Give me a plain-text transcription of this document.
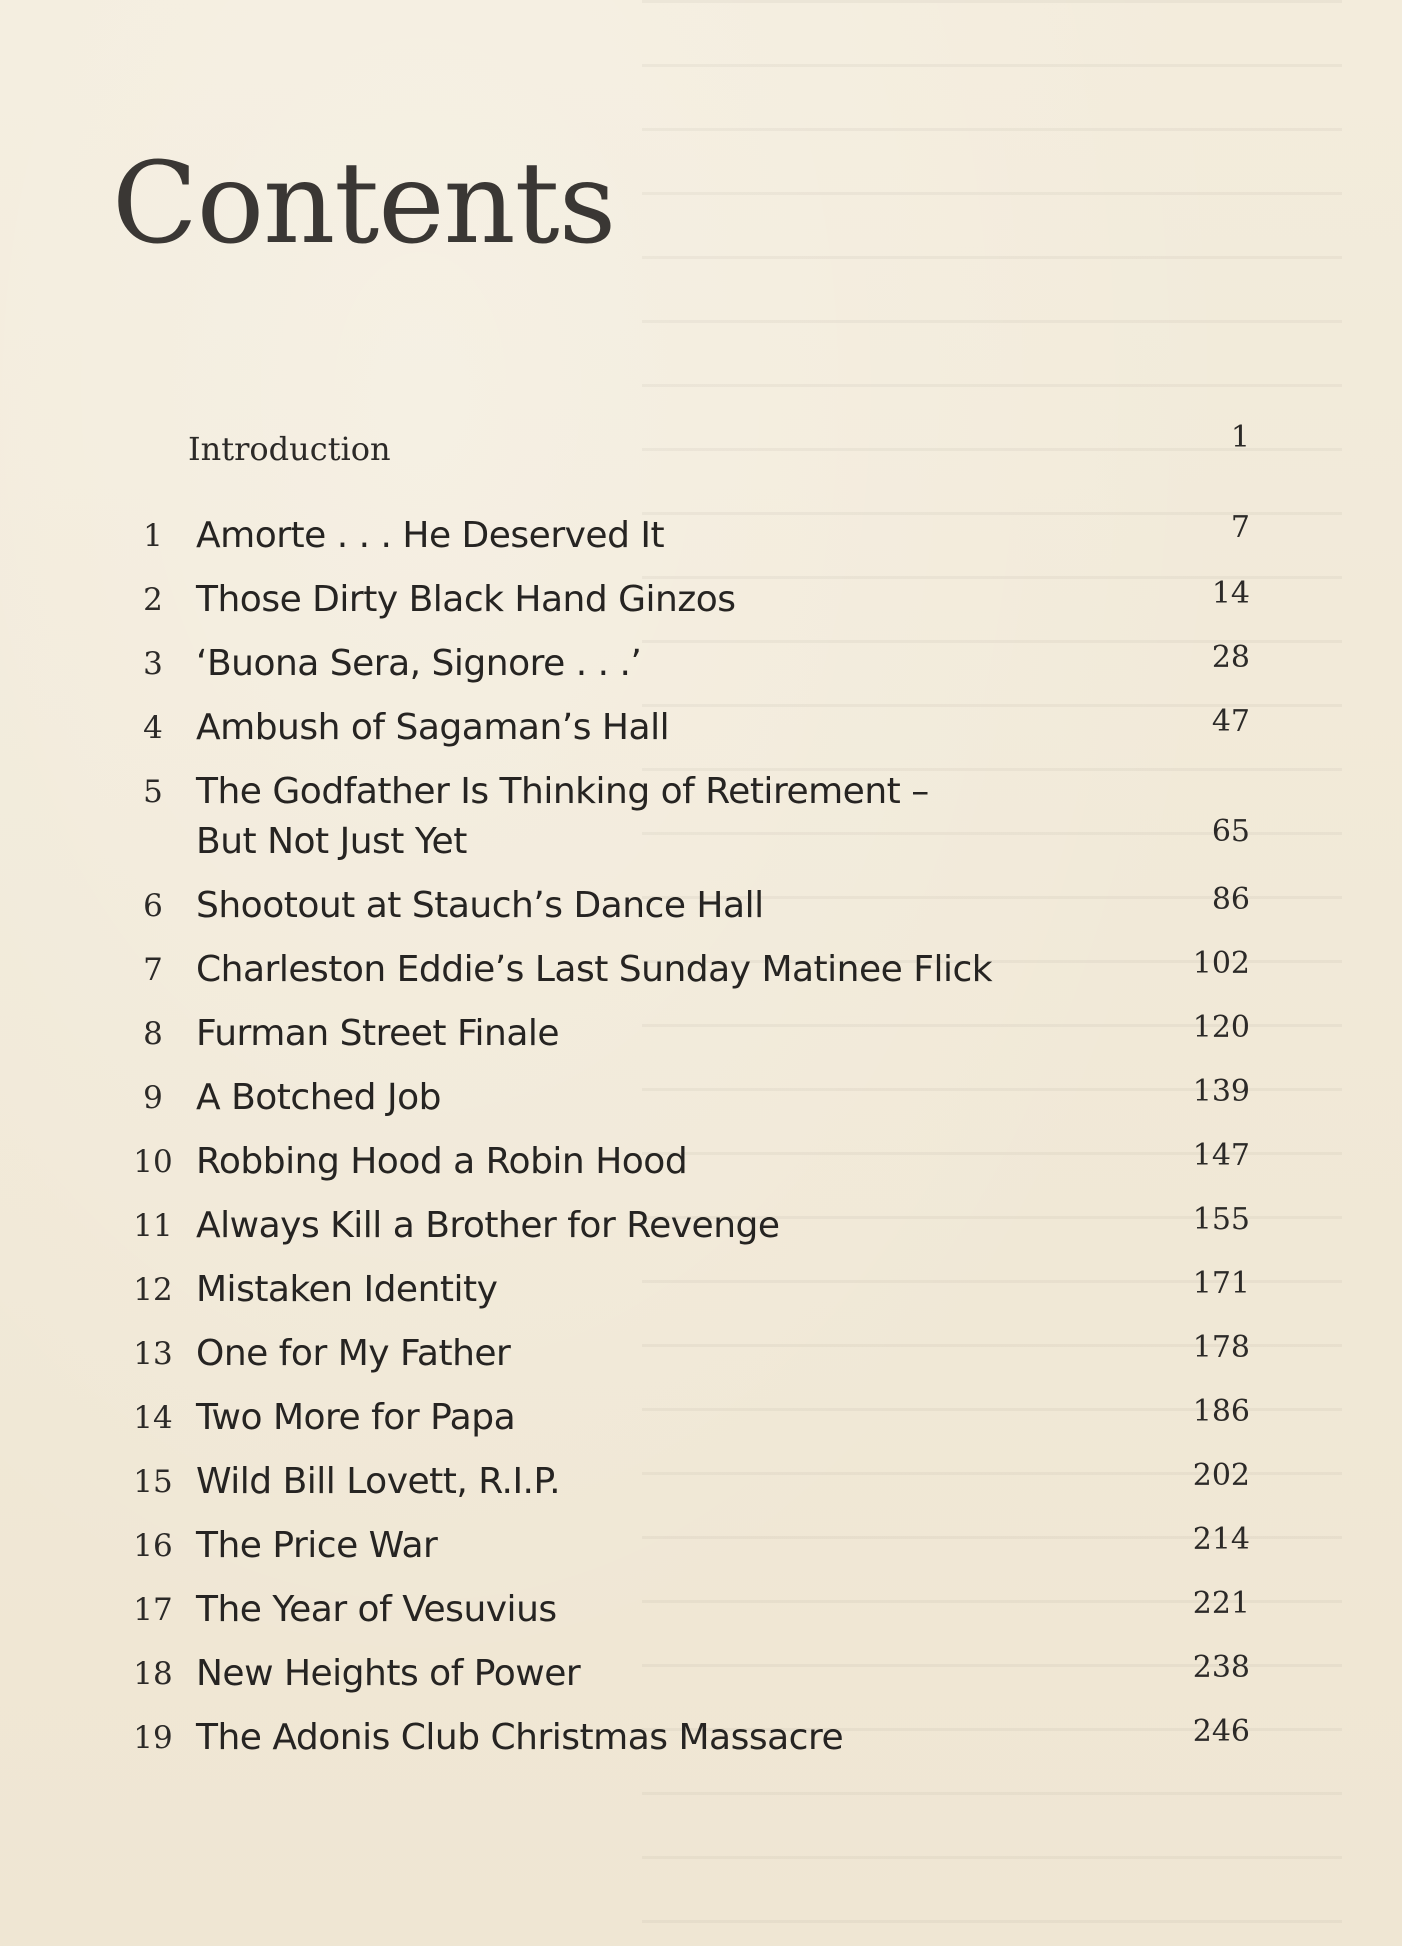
Contents
Introduction	1
1 Amorte . . . He Deserved It	7
2 Those Dirty Black Hand Ginzos	14
3 ‘Buona Sera, Signore . . .’	28
4 Ambush of Sagaman’s Hall	47
5 The Godfather Is Thinking of Retirement –
But Not Just Yet	65
6 Shootout at Stauch’s Dance Hall	86
7 Charleston Eddie’s Last Sunday Matinee Flick	102
8 Furman Street Finale	120
9 A Botched Job	139
10 Robbing Hood a Robin Hood	147
11 Always Kill a Brother for Revenge	155
12 Mistaken Identity	171
13 One for My Father	178
14 Two More for Papa	186
15 Wild Bill Lovett, R.I.P.	202
16 The Price War	214
17 The Year of Vesuvius	221
18 New Heights of Power	238
19 The Adonis Club Christmas Massacre	246
